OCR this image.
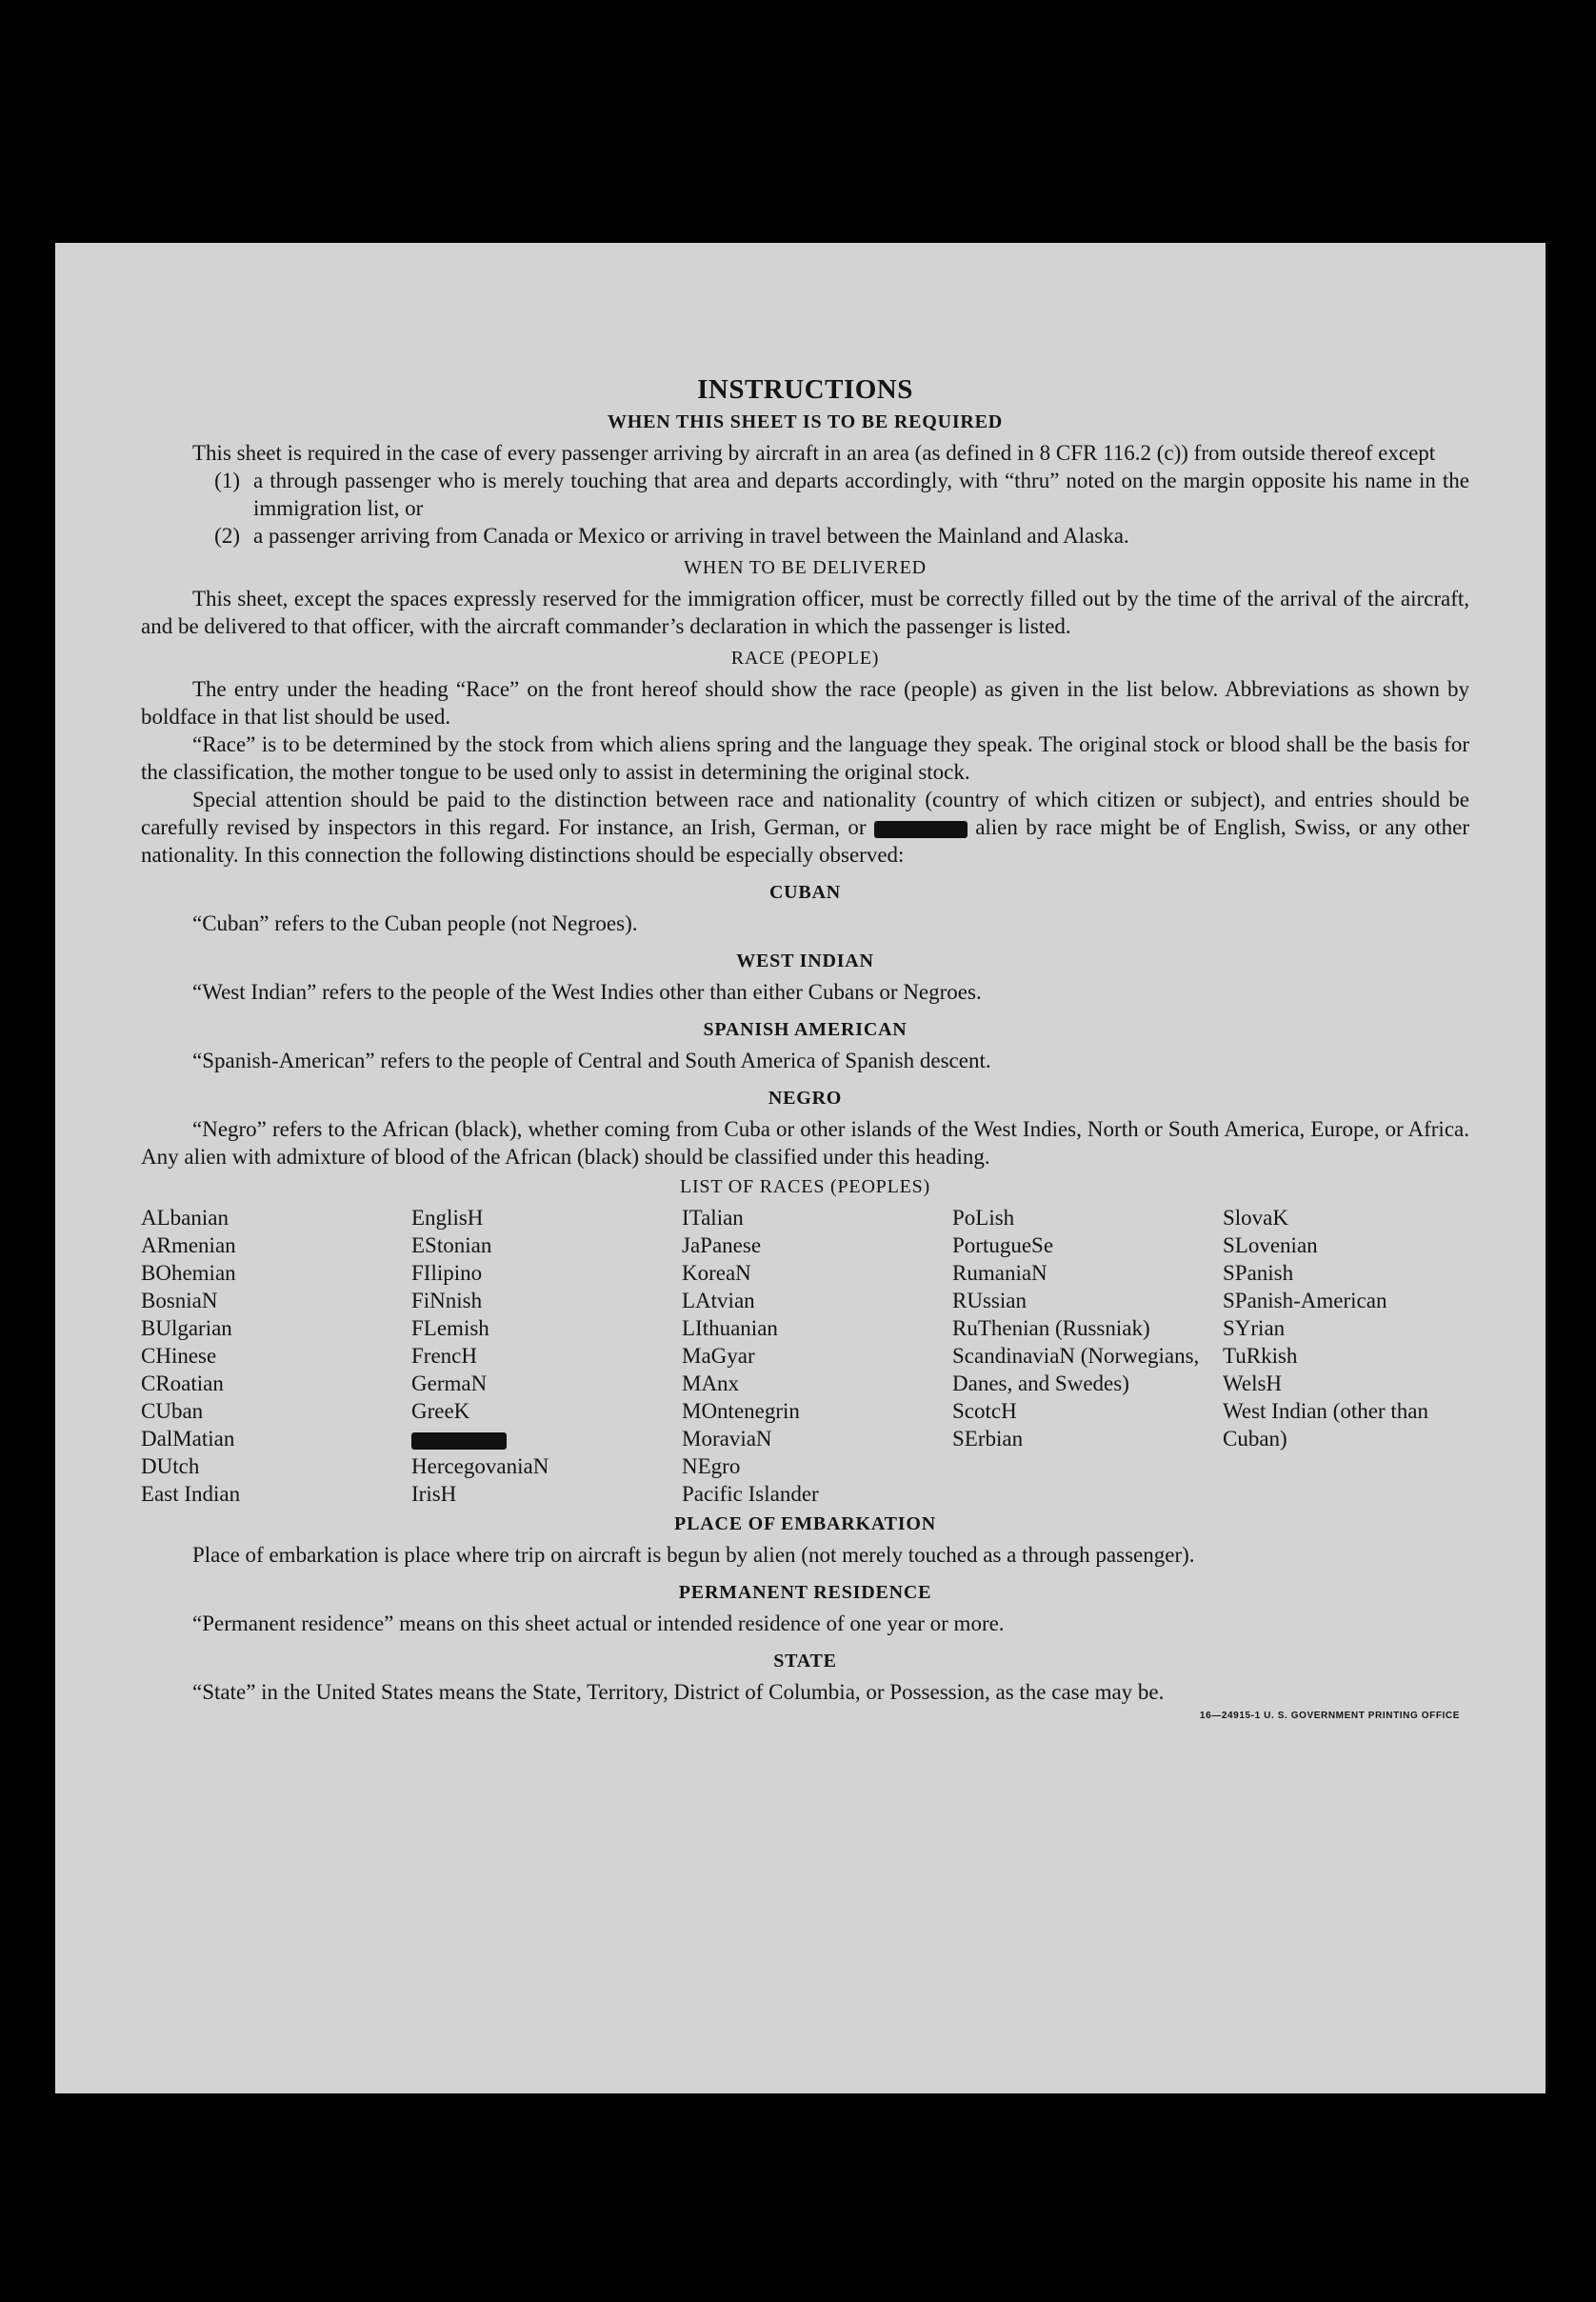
INSTRUCTIONS
WHEN THIS SHEET IS TO BE REQUIRED

This sheet is required in the case of every passenger arriving by aircraft in an area (as defined in 8 CFR 116.2 (c)) from outside thereof except

(1) a through passenger who is merely touching that area and departs accordingly, with “thru” noted on the margin opposite his name in the immigration list, or
(2) a passenger arriving from Canada or Mexico or arriving in travel between the Mainland and Alaska.
WHEN TO BE DELIVERED

This sheet, except the spaces expressly reserved for the immigration officer, must be correctly filled out by the time of the arrival of the aircraft, and be delivered to that officer, with the aircraft commander’s declaration in which the passenger is listed.

RACE (PEOPLE)

The entry under the heading “Race” on the front hereof should show the race (people) as given in the list below. Abbreviations as shown by boldface in that list should be used.

“Race” is to be determined by the stock from which aliens spring and the language they speak. The original stock or blood shall be the basis for the classification, the mother tongue to be used only to assist in determining the original stock.

Special attention should be paid to the distinction between race and nationality (country of which citizen or subject), and entries should be carefully revised by inspectors in this regard. For instance, an Irish, German, or	alien by race might be of English, Swiss, or any other nationality. In this connection the following distinctions should be especially observed:

CUBAN

“Cuban” refers to the Cuban people (not Negroes).

WEST INDIAN

“West Indian” refers to the people of the West Indies other than either Cubans or Negroes.

SPANISH AMERICAN

“Spanish-American” refers to the people of Central and South America of Spanish descent.

NEGRO

“Negro” refers to the African (black), whether coming from Cuba or other islands of the West Indies, North or South America, Europe, or Africa. Any alien with admixture of blood of the African (black) should be classified under this heading.

LIST OF RACES (PEOPLES)
ALbanian
ARmenian
BOhemian
BosniaN
BUlgarian
CHinese
CRoatian
CUban
DalMatian
DUtch
East Indian
EnglisH
EStonian
FIlipino
FiNnish
FLemish
FrencH
GermaN
GreeK
HercegovaniaN
IrisH
ITalian
JaPanese
KoreaN
LAtvian
LIthuanian
MaGyar
MAnx
MOntenegrin
MoraviaN
NEgro
Pacific Islander
PoLish
PortugueSe
RumaniaN
RUssian
RuThenian (Russniak)
ScandinaviaN (Norwegians, Danes, and Swedes)
ScotcH
SErbian
SlovaK
SLovenian
SPanish
SPanish-American
SYrian
TuRkish
WelsH
West Indian (other than Cuban)
PLACE OF EMBARKATION

Place of embarkation is place where trip on aircraft is begun by alien (not merely touched as a through passenger).

PERMANENT RESIDENCE

“Permanent residence” means on this sheet actual or intended residence of one year or more.

STATE

“State” in the United States means the State, Territory, District of Columbia, or Possession, as the case may be.

16—24915-1 U. S. GOVERNMENT PRINTING OFFICE
